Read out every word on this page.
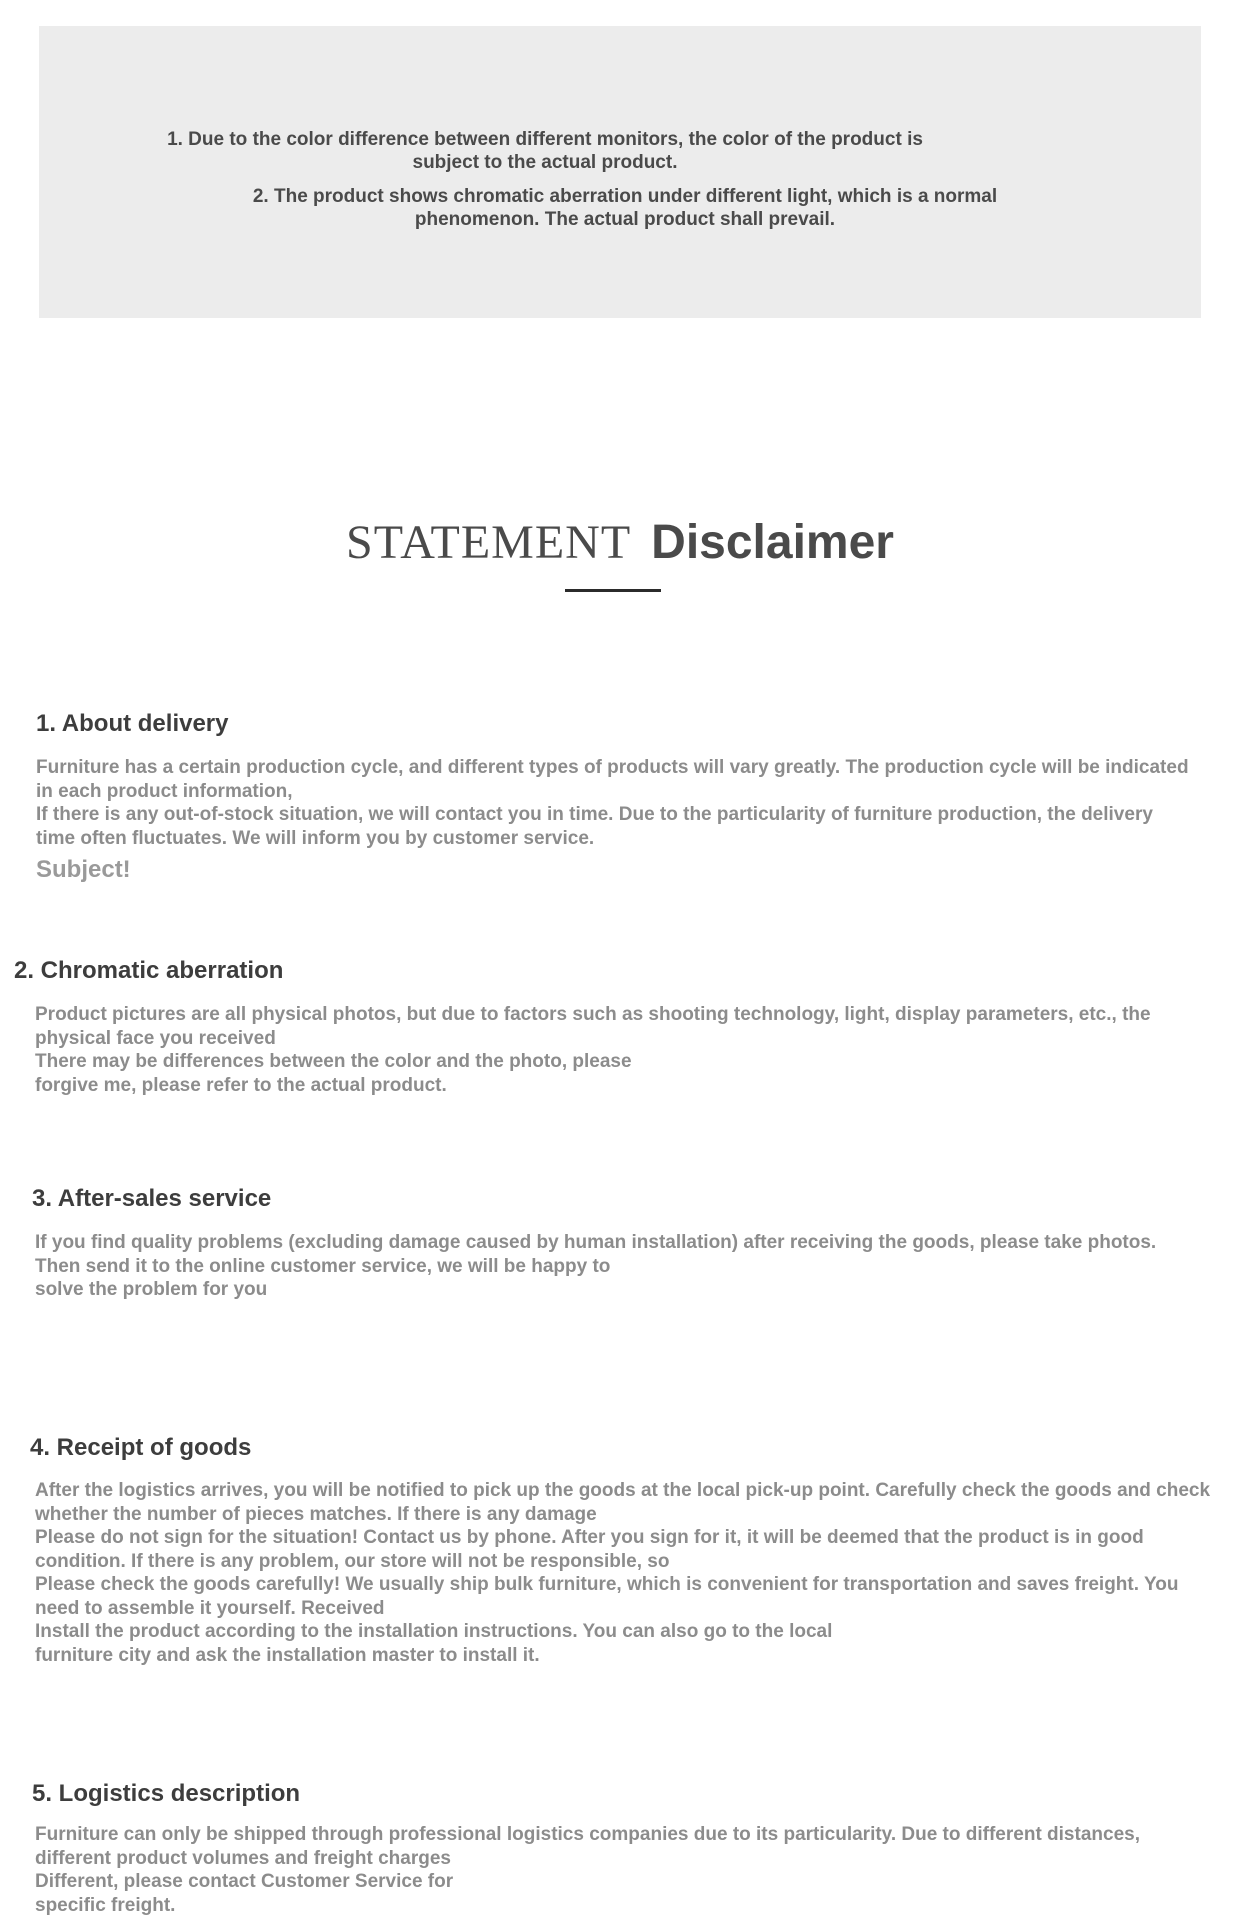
1. Due to the color difference between different monitors, the color of the product is subject to the actual product.

2. The product shows chromatic aberration under different light, which is a normal phenomenon. The actual product shall prevail.

STATEMENT Disclaimer
1. About delivery

Furniture has a certain production cycle, and different types of products will vary greatly. The production cycle will be indicated in each product information,

If there is any out-of-stock situation, we will contact you in time. Due to the particularity of furniture production, the delivery time often fluctuates. We will inform you by customer service.

Subject!

2. Chromatic aberration

Product pictures are all physical photos, but due to factors such as shooting technology, light, display parameters, etc., the physical face you received

There may be differences between the color and the photo, please

forgive me, please refer to the actual product.

3. After-sales service

If you find quality problems (excluding damage caused by human installation) after receiving the goods, please take photos.

Then send it to the online customer service, we will be happy to

solve the problem for you

4. Receipt of goods

After the logistics arrives, you will be notified to pick up the goods at the local pick-up point. Carefully check the goods and check whether the number of pieces matches. If there is any damage

Please do not sign for the situation! Contact us by phone. After you sign for it, it will be deemed that the product is in good condition. If there is any problem, our store will not be responsible, so

Please check the goods carefully! We usually ship bulk furniture, which is convenient for transportation and saves freight. You need to assemble it yourself. Received

Install the product according to the installation instructions. You can also go to the local

furniture city and ask the installation master to install it.

5. Logistics description

Furniture can only be shipped through professional logistics companies due to its particularity. Due to different distances, different product volumes and freight charges

Different, please contact Customer Service for

specific freight.
